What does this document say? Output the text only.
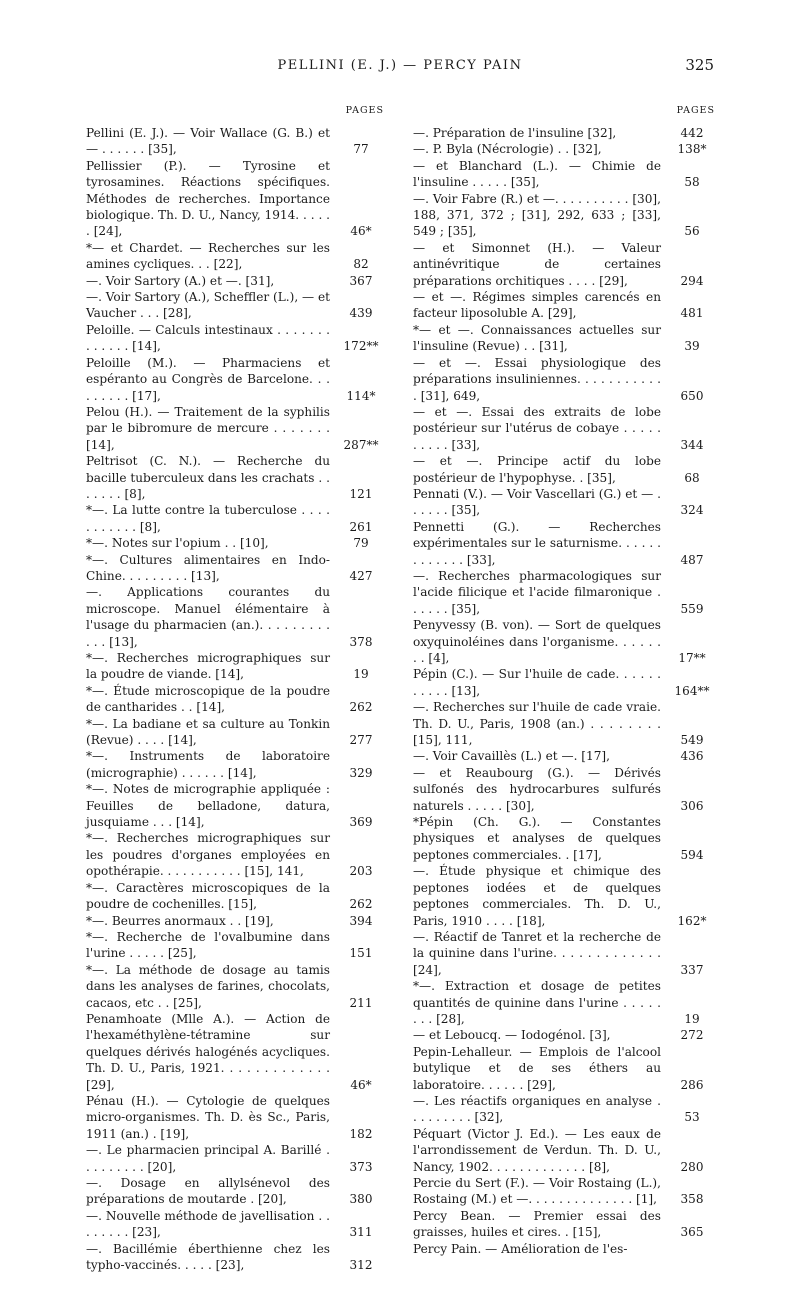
PELLINI (E. J.) — PERCY PAIN	325
PAGES
Pellini (E. J.). — Voir Wallace (G. B.) et — . . . . . . [35],	77
Pellissier (P.). — Tyrosine et tyrosamines. Réactions spécifiques. Méthodes de recherches. Importance biologique. Th. D. U., Nancy, 1914. . . . . . [24],	46*
*— et Chardet. — Recherches sur les amines cycliques. . . [22],	82
—. Voir Sartory (A.) et —. [31],	367
—. Voir Sartory (A.), Scheffler (L.), — et Vaucher . . . [28],	439
Peloille. — Calculs intestinaux . . . . . . . . . . . . . [14],	172**
Peloille (M.). — Pharmaciens et espéranto au Congrès de Barcelone. . . . . . . . . [17],	114*
Pelou (H.). — Traitement de la syphilis par le bibromure de mercure . . . . . . . [14],	287**
Peltrisot (C. N.). — Recherche du bacille tuberculeux dans les crachats . . . . . . . [8],	121
*—. La lutte contre la tuberculose . . . . . . . . . . . [8],	261
*—. Notes sur l'opium . . [10],	79
*—. Cultures alimentaires en Indo-Chine. . . . . . . . . [13],	427
—. Applications courantes du microscope. Manuel élémentaire à l'usage du pharmacien (an.). . . . . . . . . . . . [13],	378
*—. Recherches micrographiques sur la poudre de viande. [14],	19
*—. Étude microscopique de la poudre de cantharides . . [14],	262
*—. La badiane et sa culture au Tonkin (Revue) . . . . [14],	277
*—. Instruments de laboratoire (micrographie) . . . . . . [14],	329
*—. Notes de micrographie appliquée : Feuilles de belladone, datura, jusquiame . . . [14],	369
*—. Recherches micrographiques sur les poudres d'organes employées en opothérapie. . . . . . . . . . . [15], 141,	203
*—. Caractères microscopiques de la poudre de cochenilles. [15],	262
*—. Beurres anormaux . . [19],	394
*—. Recherche de l'ovalbumine dans l'urine . . . . . [25],	151
*—. La méthode de dosage au tamis dans les analyses de farines, chocolats, cacaos, etc . . [25],	211
Penamhoate (Mlle A.). — Action de l'hexaméthylène-tétramine sur quelques dérivés halogénés acycliques. Th. D. U., Paris, 1921. . . . . . . . . . . . . [29],	46*
Pénau (H.). — Cytologie de quelques micro-organismes. Th. D. ès Sc., Paris, 1911 (an.) . [19],	182
—. Le pharmacien principal A. Barillé . . . . . . . . . [20],	373
—. Dosage en allylsénevol des préparations de moutarde . [20],	380
—. Nouvelle méthode de javellisation . . . . . . . . [23],	311
—. Bacillémie éberthienne chez les typho-vaccinés. . . . . [23],	312
PAGES
—. Préparation de l'insuline [32],	442
—. P. Byla (Nécrologie) . . [32],	138*
— et Blanchard (L.). — Chimie de l'insuline . . . . . [35],	58
—. Voir Fabre (R.) et —. . . . . . . . . . [30], 188, 371, 372 ; [31], 292, 633 ; [33], 549 ; [35],	56
— et Simonnet (H.). — Valeur antinévritique de certaines préparations orchitiques . . . . [29],	294
— et —. Régimes simples carencés en facteur liposoluble A. [29],	481
*— et —. Connaissances actuelles sur l'insuline (Revue) . . [31],	39
— et —. Essai physiologique des préparations insuliniennes. . . . . . . . . . . . [31], 649,	650
— et —. Essai des extraits de lobe postérieur sur l'utérus de cobaye . . . . . . . . . . [33],	344
— et —. Principe actif du lobe postérieur de l'hypophyse. . [35],	68
Pennati (V.). — Voir Vascellari (G.) et — . . . . . . [35],	324
Pennetti (G.). — Recherches expérimentales sur le saturnisme. . . . . . . . . . . . . [33],	487
—. Recherches pharmacologiques sur l'acide filicique et l'acide filmaronique . . . . . . [35],	559
Penyvessy (B. von). — Sort de quelques oxyquinoléines dans l'organisme. . . . . . . . [4],	17**
Pépin (C.). — Sur l'huile de cade. . . . . . . . . . . [13],	164**
—. Recherches sur l'huile de cade vraie. Th. D. U., Paris, 1908 (an.) . . . . . . . . [15], 111,	549
—. Voir Cavaillès (L.) et —. [17],	436
— et Reaubourg (G.). — Dérivés sulfonés des hydrocarbures sulfurés naturels . . . . . [30],	306
*Pépin (Ch. G.). — Constantes physiques et analyses de quelques peptones commerciales. . [17],	594
—. Étude physique et chimique des peptones iodées et de quelques peptones commerciales. Th. D. U., Paris, 1910 . . . . [18],	162*
—. Réactif de Tanret et la recherche de la quinine dans l'urine. . . . . . . . . . . . . [24],	337
*—. Extraction et dosage de petites quantités de quinine dans l'urine . . . . . . . . [28],	19
— et Leboucq. — Iodogénol. [3],	272
Pepin-Lehalleur. — Emplois de l'alcool butylique et de ses éthers au laboratoire. . . . . . [29],	286
—. Les réactifs organiques en analyse . . . . . . . . . [32],	53
Péquart (Victor J. Ed.). — Les eaux de l'arrondissement de Verdun. Th. D. U., Nancy, 1902. . . . . . . . . . . . . [8],	280
Percie du Sert (F.). — Voir Rostaing (L.), Rostaing (M.) et —. . . . . . . . . . . . . . [1],	358
Percy Bean. — Premier essai des graisses, huiles et cires. . [15],	365
Percy Pain. — Amélioration de l'es-
